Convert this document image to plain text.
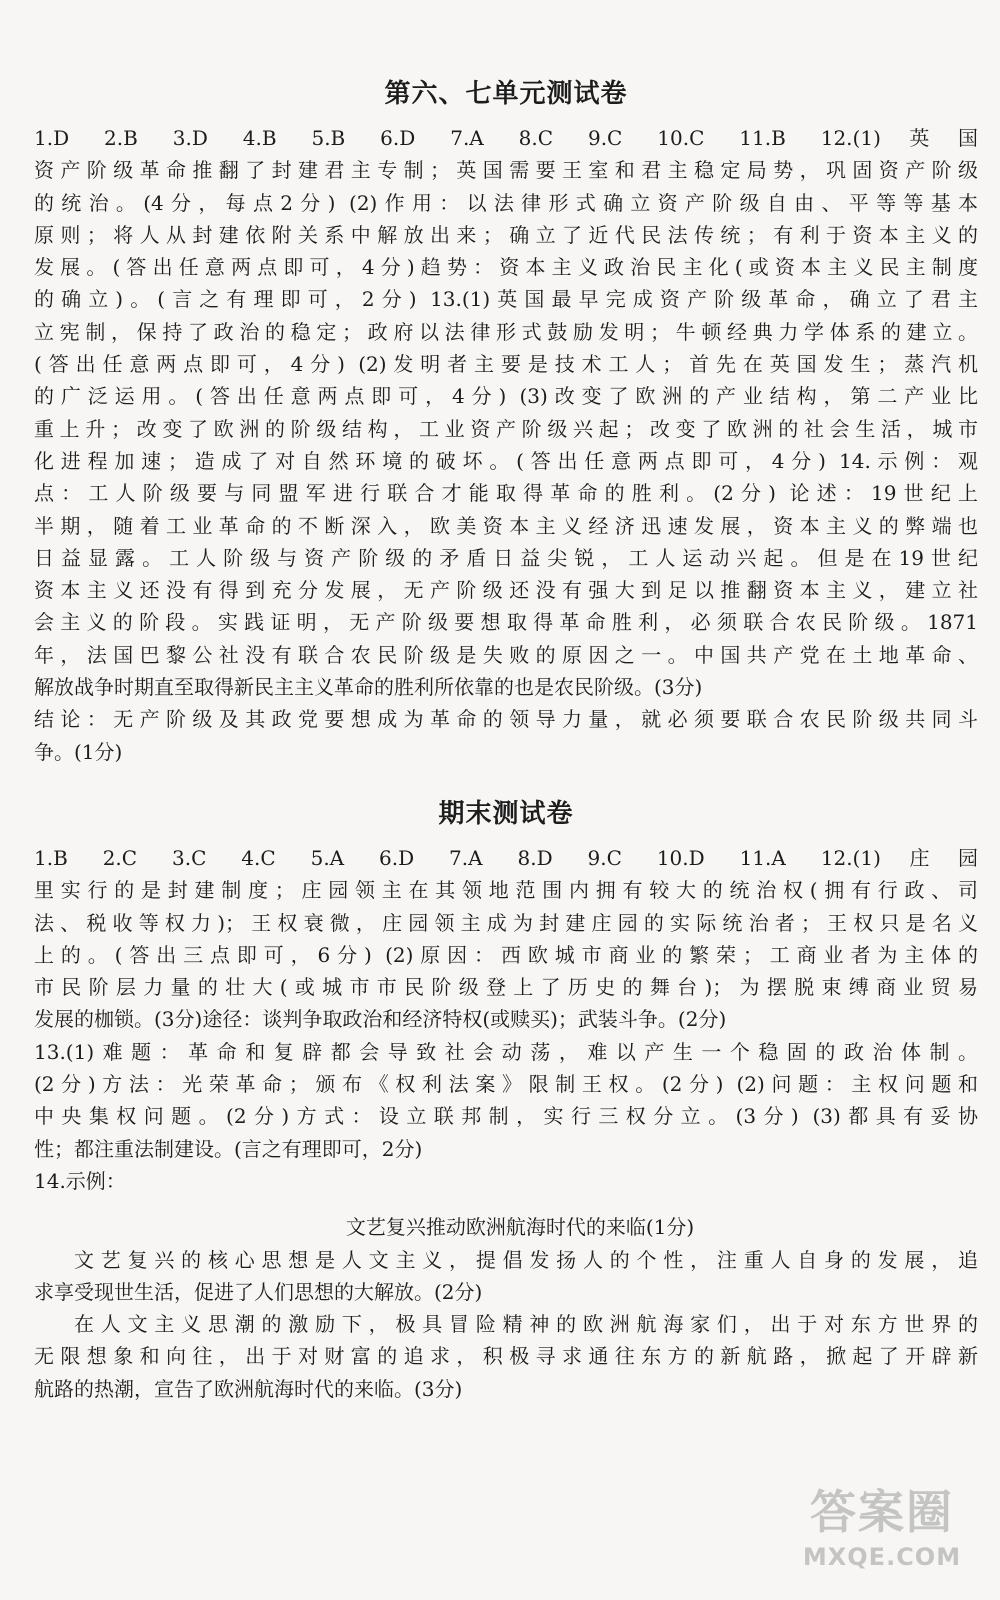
第六、七单元测试卷
1.D 2.B 3.D 4.B 5.B 6.D 7.A 8.C 9.C 10.C 11.B 12.(1)英国
资产阶级革命推翻了封建君主专制；英国需要王室和君主稳定局势，巩固资产阶级
的统治。(4分，每点2分) (2)作用：以法律形式确立资产阶级自由、平等等基本
原则；将人从封建依附关系中解放出来；确立了近代民法传统；有利于资本主义的
发展。(答出任意两点即可，4分)趋势：资本主义政治民主化(或资本主义民主制度
的确立)。(言之有理即可，2分) 13.(1)英国最早完成资产阶级革命，确立了君主
立宪制，保持了政治的稳定；政府以法律形式鼓励发明；牛顿经典力学体系的建立。
(答出任意两点即可，4分) (2)发明者主要是技术工人；首先在英国发生；蒸汽机
的广泛运用。(答出任意两点即可，4分) (3)改变了欧洲的产业结构，第二产业比
重上升；改变了欧洲的阶级结构，工业资产阶级兴起；改变了欧洲的社会生活，城市
化进程加速；造成了对自然环境的破坏。(答出任意两点即可，4分) 14.示例：观
点：工人阶级要与同盟军进行联合才能取得革命的胜利。(2分) 论述：19世纪上
半期，随着工业革命的不断深入，欧美资本主义经济迅速发展，资本主义的弊端也
日益显露。工人阶级与资产阶级的矛盾日益尖锐，工人运动兴起。但是在19世纪
资本主义还没有得到充分发展，无产阶级还没有强大到足以推翻资本主义，建立社
会主义的阶段。实践证明，无产阶级要想取得革命胜利，必须联合农民阶级。1871
年，法国巴黎公社没有联合农民阶级是失败的原因之一。中国共产党在土地革命、
解放战争时期直至取得新民主主义革命的胜利所依靠的也是农民阶级。(3分)
结论：无产阶级及其政党要想成为革命的领导力量，就必须要联合农民阶级共同斗
争。(1分)
期末测试卷
1.B 2.C 3.C 4.C 5.A 6.D 7.A 8.D 9.C 10.D 11.A 12.(1)庄园
里实行的是封建制度；庄园领主在其领地范围内拥有较大的统治权(拥有行政、司
法、税收等权力)；王权衰微，庄园领主成为封建庄园的实际统治者；王权只是名义
上的。(答出三点即可，6分) (2)原因：西欧城市商业的繁荣；工商业者为主体的
市民阶层力量的壮大(或城市市民阶级登上了历史的舞台)；为摆脱束缚商业贸易
发展的枷锁。(3分)途径：谈判争取政治和经济特权(或赎买)；武装斗争。(2分)
13.(1)难题：革命和复辟都会导致社会动荡，难以产生一个稳固的政治体制。
(2分)方法：光荣革命；颁布《权利法案》限制王权。(2分) (2)问题：主权问题和
中央集权问题。(2分)方式：设立联邦制，实行三权分立。(3分) (3)都具有妥协
性；都注重法制建设。(言之有理即可，2分)
14.示例：
文艺复兴推动欧洲航海时代的来临(1分)
文艺复兴的核心思想是人文主义，提倡发扬人的个性，注重人自身的发展，追
求享受现世生活，促进了人们思想的大解放。(2分)
在人文主义思潮的激励下，极具冒险精神的欧洲航海家们，出于对东方世界的
无限想象和向往，出于对财富的追求，积极寻求通往东方的新航路，掀起了开辟新
航路的热潮，宣告了欧洲航海时代的来临。(3分)
答案圈
MXQE.COM
